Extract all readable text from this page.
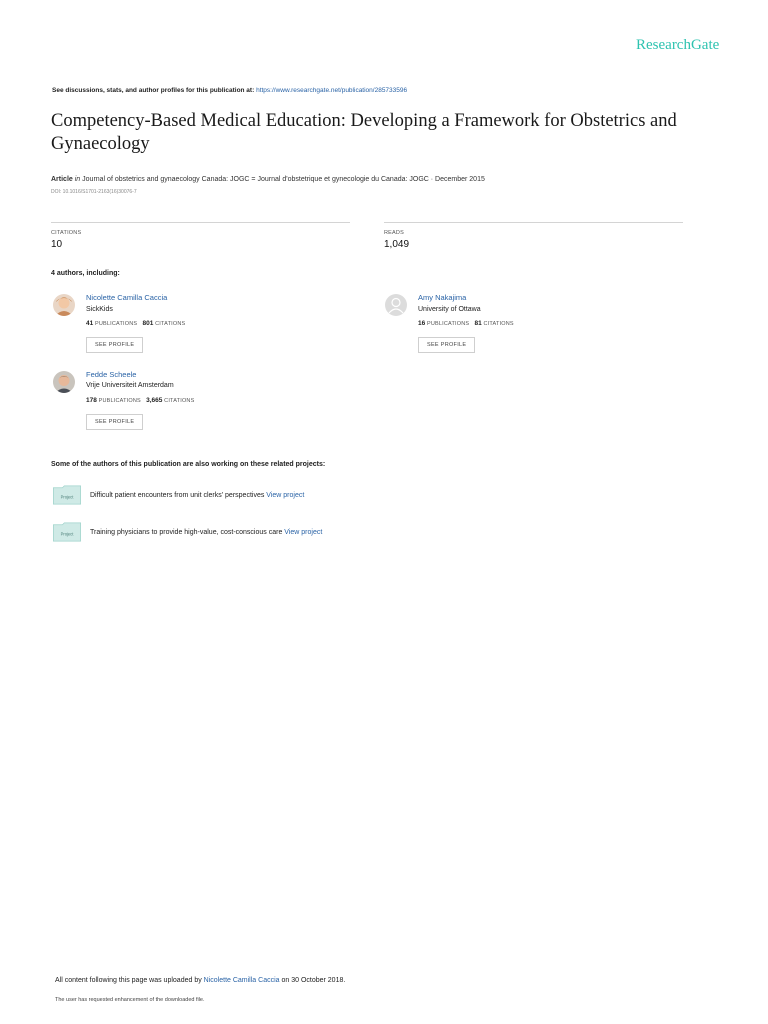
ResearchGate
See discussions, stats, and author profiles for this publication at: https://www.researchgate.net/publication/285733596
Competency-Based Medical Education: Developing a Framework for Obstetrics and Gynaecology
Article in Journal of obstetrics and gynaecology Canada: JOGC = Journal d'obstetrique et gynecologie du Canada: JOGC · December 2015
DOI: 10.1016/S1701-2163(16)30076-7
CITATIONS
10
READS
1,049
4 authors, including:
Nicolette Camilla Caccia
SickKids
41 PUBLICATIONS 801 CITATIONS
SEE PROFILE
Amy Nakajima
University of Ottawa
16 PUBLICATIONS 81 CITATIONS
SEE PROFILE
Fedde Scheele
Vrije Universiteit Amsterdam
178 PUBLICATIONS 3,665 CITATIONS
SEE PROFILE
Some of the authors of this publication are also working on these related projects:
Project Difficult patient encounters from unit clerks' perspectives View project
Project Training physicians to provide high-value, cost-conscious care View project
All content following this page was uploaded by Nicolette Camilla Caccia on 30 October 2018.
The user has requested enhancement of the downloaded file.
